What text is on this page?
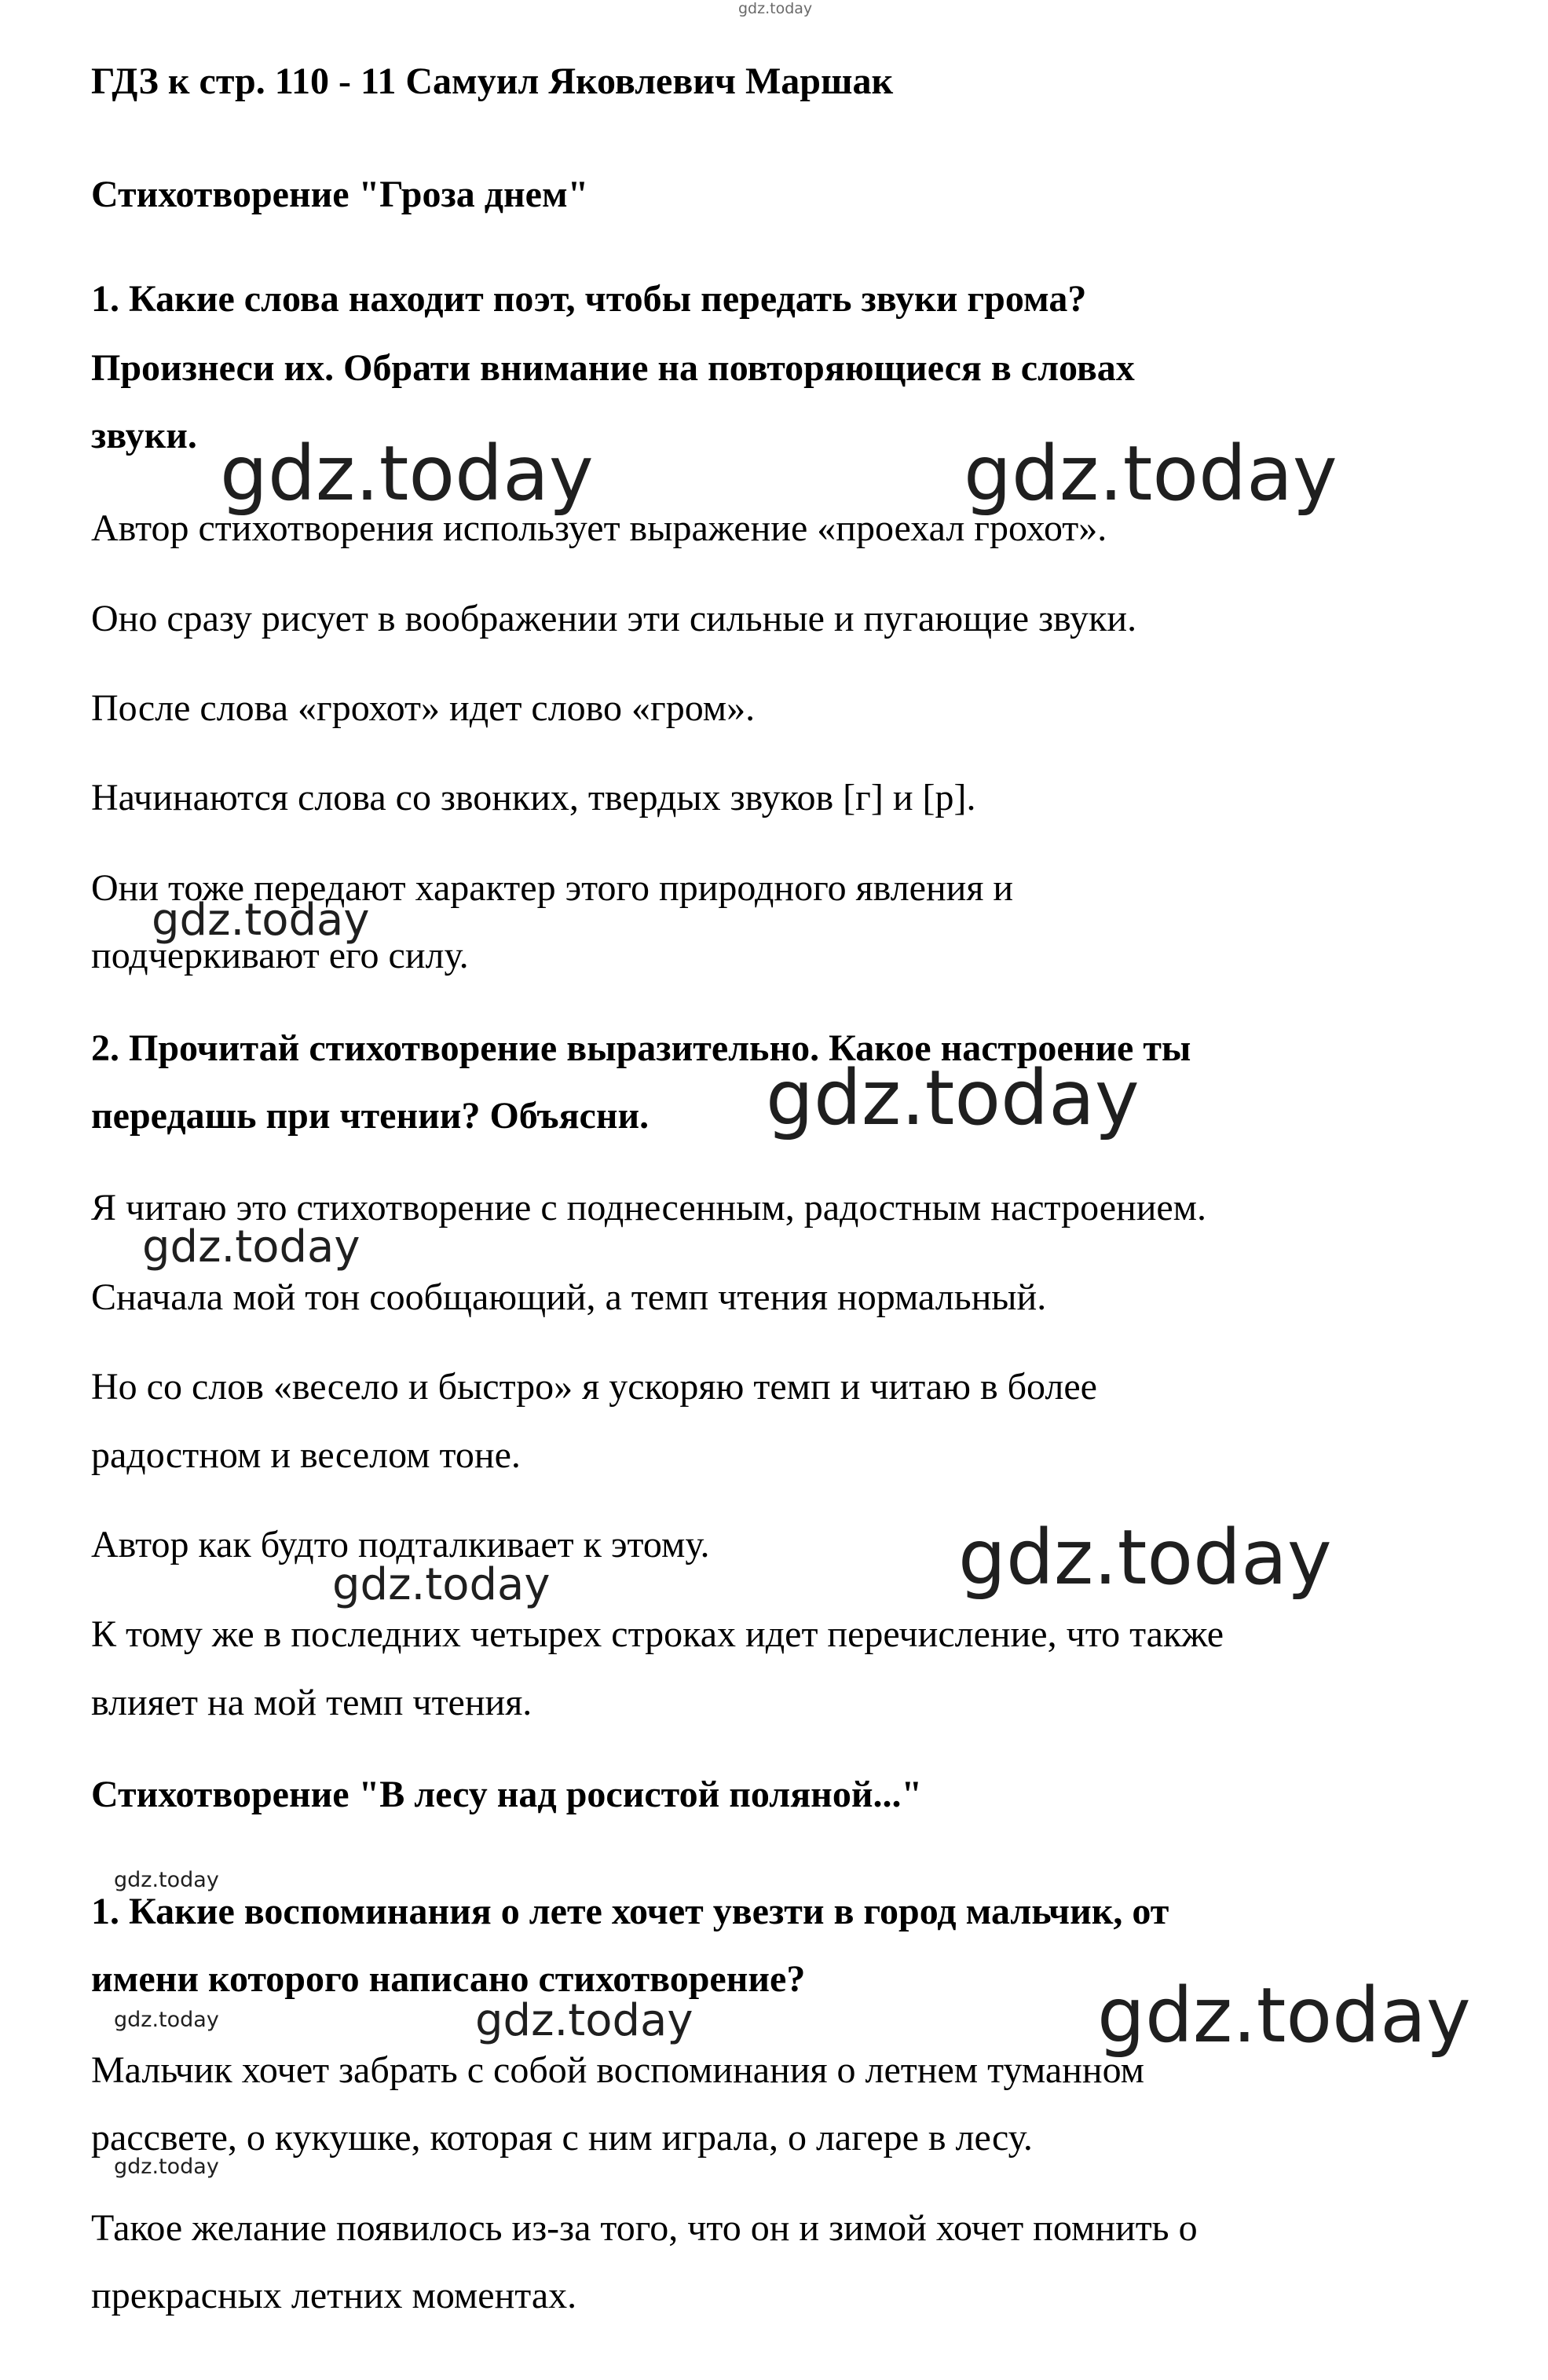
ГДЗ к стр. 110 - 11 Самуил Яковлевич Маршак

Стихотворение "Гроза днем"

1. Какие слова находит поэт, чтобы передать звуки грома?

Произнеси их. Обрати внимание на повторяющиеся в словах

звуки.

Автор стихотворения использует выражение «проехал грохот».

Оно сразу рисует в воображении эти сильные и пугающие звуки.

После слова «грохот» идет слово «гром».

Начинаются слова со звонких, твердых звуков [г] и [р].

Они тоже передают характер этого природного явления и

подчеркивают его силу.

2. Прочитай стихотворение выразительно. Какое настроение ты

передашь при чтении? Объясни.

Я читаю это стихотворение с поднесенным, радостным настроением.

Сначала мой тон сообщающий, а темп чтения нормальный.

Но со слов «весело и быстро» я ускоряю темп и читаю в более

радостном и веселом тоне.

Автор как будто подталкивает к этому.

К тому же в последних четырех строках идет перечисление, что также

влияет на мой темп чтения.

Стихотворение "В лесу над росистой поляной..."

1. Какие воспоминания о лете хочет увезти в город мальчик, от

имени которого написано стихотворение?

Мальчик хочет забрать с собой воспоминания о летнем туманном

рассвете, о кукушке, которая с ним играла, о лагере в лесу.

Такое желание появилось из-за того, что он и зимой хочет помнить о

прекрасных летних моментах.

gdz.today
gdz.today	gdz.today
gdz.today
gdz.today
gdz.today
gdz.today
gdz.today
gdz.today
gdz.today
gdz.today	gdz.today
gdz.today
